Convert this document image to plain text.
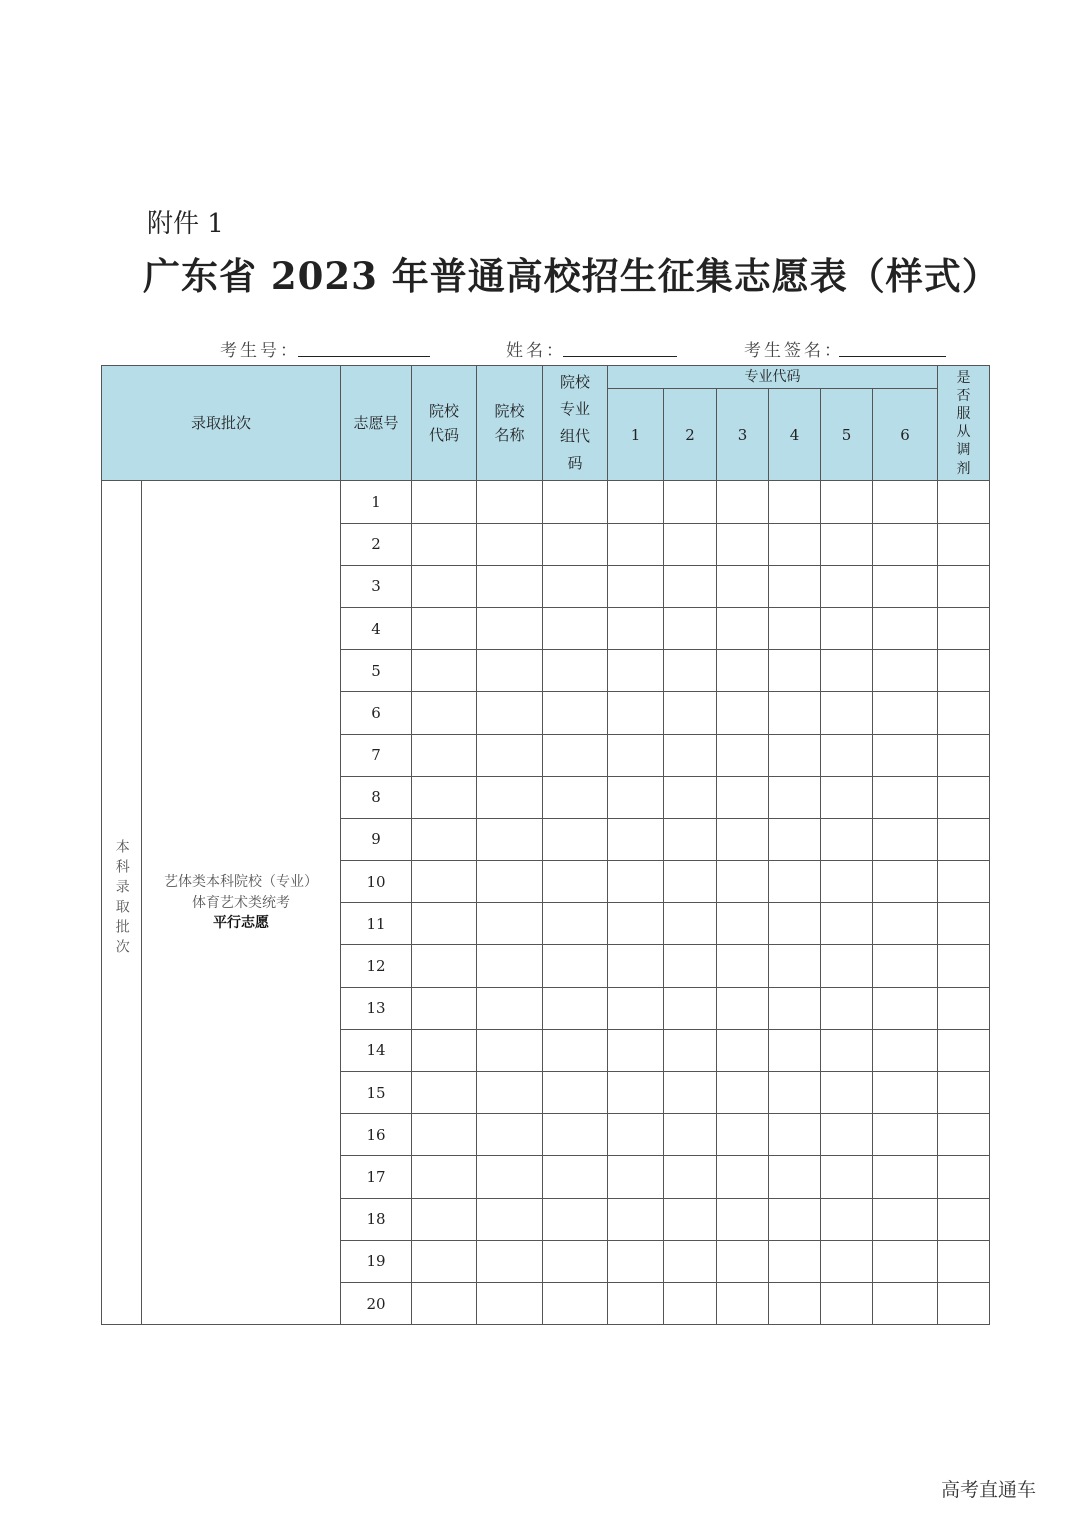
附件 1
广东省 2023 年普通高校招生征集志愿表（样式）
考生号：	姓名：	考生签名：
录取批次		志愿号	院校代码	院校名称	院校专业组代码	专业代码						是否服从调剂
						1	2	3	4	5	6	
本科录取批次	艺体类本科院校（专业）
体育艺术类统考
平行志愿	1										
		2										
		3										
		4										
		5										
		6										
		7										
		8										
		9										
		10										
		11										
		12										
		13										
		14										
		15										
		16										
		17										
		18										
		19										
		20										
高考直通车
